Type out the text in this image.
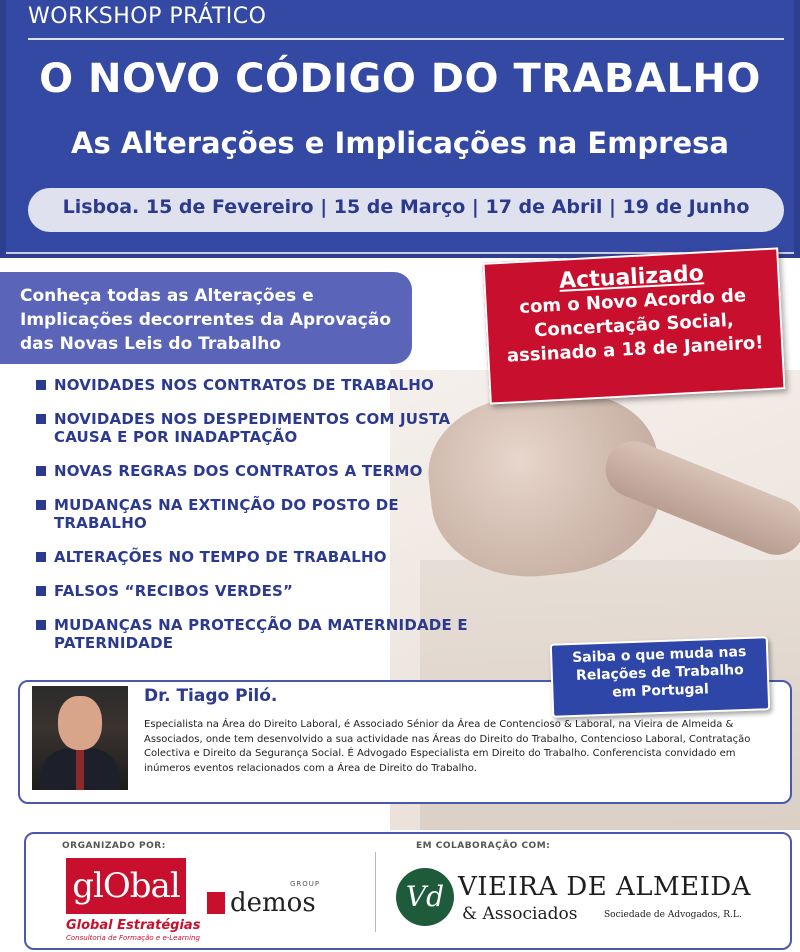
WORKSHOP PRÁTICO
O NOVO CÓDIGO DO TRABALHO
As Alterações e Implicações na Empresa
Lisboa. 15 de Fevereiro | 15 de Março | 17 de Abril | 19 de Junho
Actualizado
com o Novo Acordo de
Concertação Social,
assinado a 18 de Janeiro!
Conheça todas as Alterações e
Implicações decorrentes da Aprovação
das Novas Leis do Trabalho
NOVIDADES NOS CONTRATOS DE TRABALHO
NOVIDADES NOS DESPEDIMENTOS COM JUSTA CAUSA E POR INADAPTAÇÃO
NOVAS REGRAS DOS CONTRATOS A TERMO
MUDANÇAS NA EXTINÇÃO DO POSTO DE TRABALHO
ALTERAÇÕES NO TEMPO DE TRABALHO
FALSOS “RECIBOS VERDES”
MUDANÇAS NA PROTECÇÃO DA MATERNIDADE E PATERNIDADE
Dr. Tiago Piló.
Especialista na Área do Direito Laboral, é Associado Sénior da Área de Contencioso & Laboral, na Vieira de Almeida & Associados, onde tem desenvolvido a sua actividade nas Áreas do Direito do Trabalho, Contencioso Laboral, Contratação Colectiva e Direito da Segurança Social. É Advogado Especialista em Direito do Trabalho. Conferencista convidado em inúmeros eventos relacionados com a Área de Direito do Trabalho.
Saiba o que muda nas
Relações de Trabalho
em Portugal
ORGANIZADO POR:
glObal
Global Estratégias
Consultoria de Formação e e-Learning
demos
GROUP
EM COLABORAÇÃO COM:
Vd VIEIRA DE ALMEIDA
& Associados	Sociedade de Advogados, R.L.
